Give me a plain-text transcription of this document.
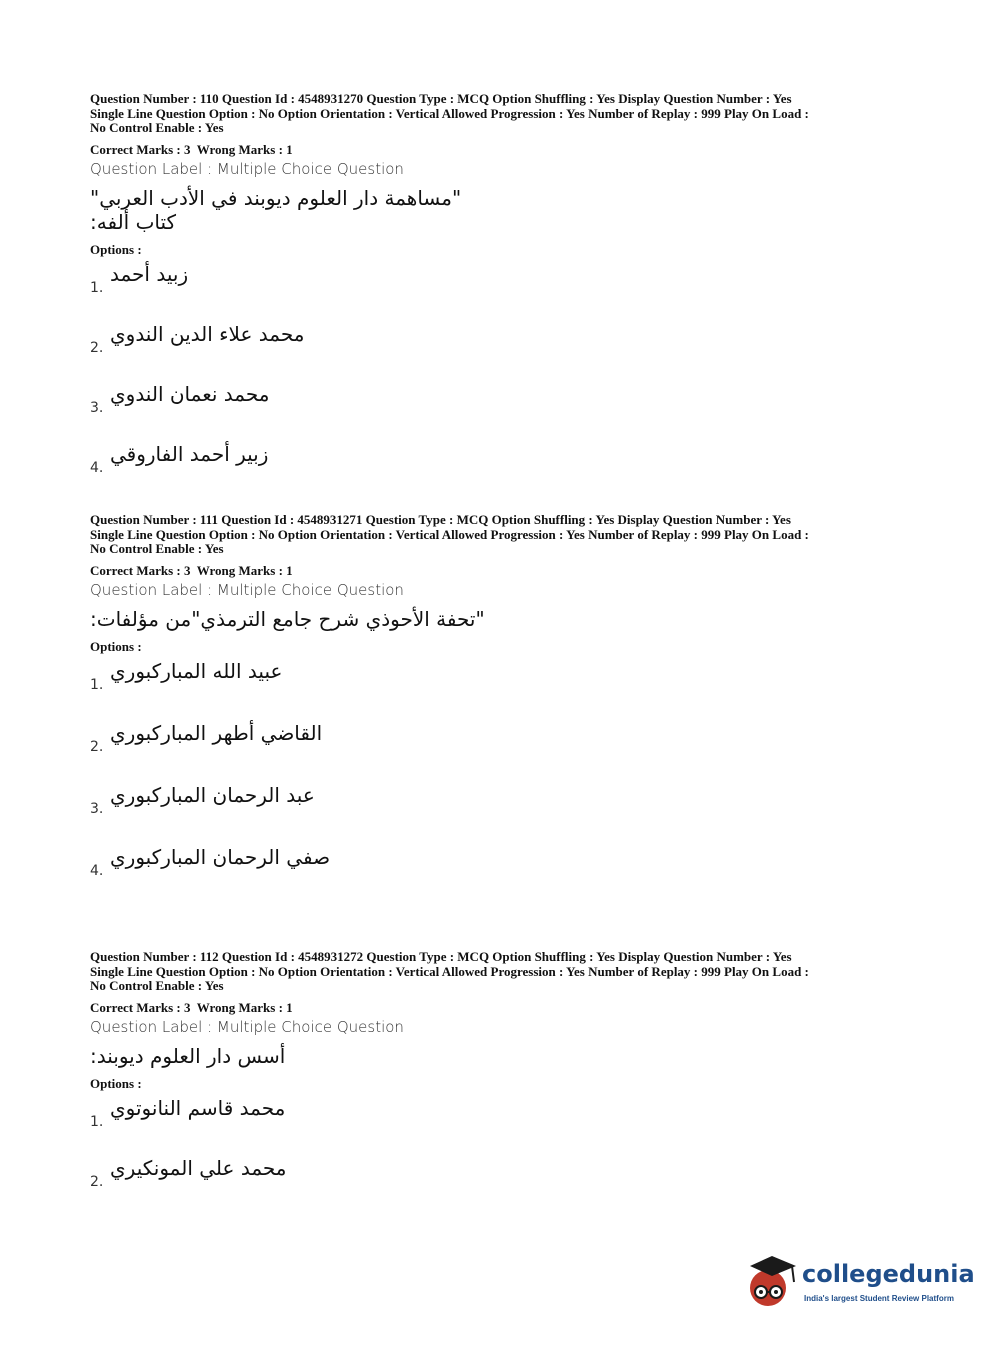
Question Number : 110 Question Id : 4548931270 Question Type : MCQ Option Shuffling : Yes Display Question Number : Yes
Single Line Question Option : No Option Orientation : Vertical Allowed Progression : Yes Number of Replay : 999 Play On Load :
No Control Enable : Yes
Correct Marks : 3  Wrong Marks : 1
Question Label : Multiple Choice Question
"مساهمة دار العلوم ديوبند في الأدب العربي" كتاب ألفه:
Options :
1.
زبيد أحمد
2.
محمد علاء الدين الندوي
3.
محمد نعمان الندوي
4.
زبير أحمد الفاروقي
Question Number : 111 Question Id : 4548931271 Question Type : MCQ Option Shuffling : Yes Display Question Number : Yes
Single Line Question Option : No Option Orientation : Vertical Allowed Progression : Yes Number of Replay : 999 Play On Load :
No Control Enable : Yes
Correct Marks : 3  Wrong Marks : 1
Question Label : Multiple Choice Question
"تحفة الأحوذي شرح جامع الترمذي"من مؤلفات:
Options :
1.
عبيد الله المباركبوري
2.
القاضي أطهر المباركبوري
3.
عبد الرحمان المباركبوري
4.
صفي الرحمان المباركبوري
Question Number : 112 Question Id : 4548931272 Question Type : MCQ Option Shuffling : Yes Display Question Number : Yes
Single Line Question Option : No Option Orientation : Vertical Allowed Progression : Yes Number of Replay : 999 Play On Load :
No Control Enable : Yes
Correct Marks : 3  Wrong Marks : 1
Question Label : Multiple Choice Question
أسس دار العلوم ديوبند:
Options :
1.
محمد قاسم النانوتوي
2.
محمد علي المونكيري
collegedunia
India's largest Student Review Platform
